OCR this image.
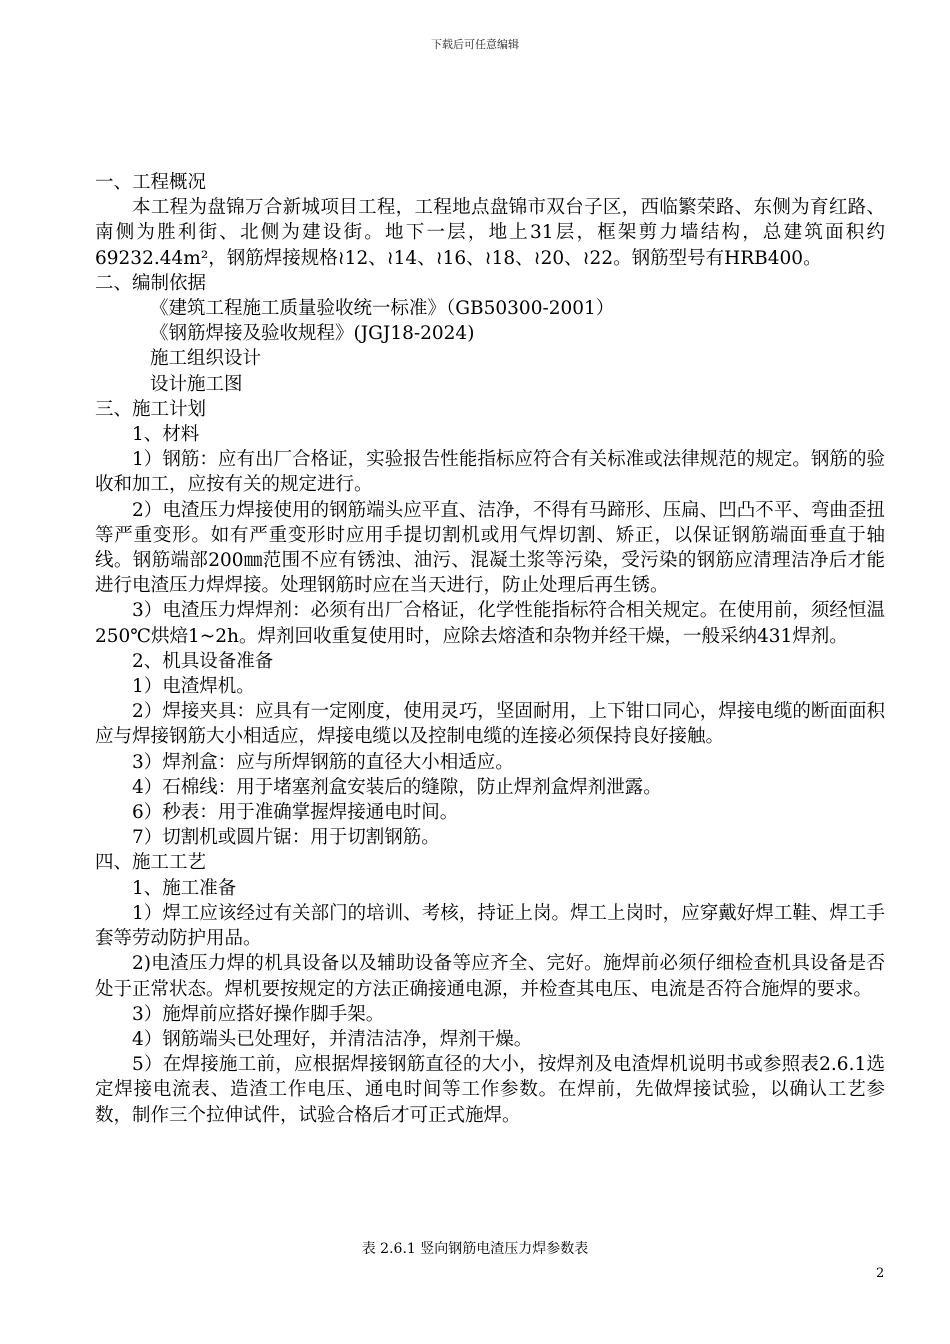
下载后可任意编辑

一、工程概况

本工程为盘锦万合新城项目工程，工程地点盘锦市双台子区，西临繁荣路、东侧为育红路、南侧为胜利街、北侧为建设街。地下一层，地上31层，框架剪力墙结构，总建筑面积约69232.44m²，钢筋焊接规格≀12、≀14、≀16、≀18、≀20、≀22。钢筋型号有HRB400。

二、编制依据

《建筑工程施工质量验收统一标准》（GB50300-2001）

《钢筋焊接及验收规程》(JGJ18-2024)

施工组织设计

设计施工图

三、施工计划

1、材料

1）钢筋：应有出厂合格证，实验报告性能指标应符合有关标准或法律规范的规定。钢筋的验收和加工，应按有关的规定进行。

2）电渣压力焊接使用的钢筋端头应平直、洁净，不得有马蹄形、压扁、凹凸不平、弯曲歪扭等严重变形。如有严重变形时应用手提切割机或用气焊切割、矫正，以保证钢筋端面垂直于轴线。钢筋端部200㎜范围不应有锈浊、油污、混凝土浆等污染，受污染的钢筋应清理洁净后才能进行电渣压力焊焊接。处理钢筋时应在当天进行，防止处理后再生锈。

3）电渣压力焊焊剂：必须有出厂合格证，化学性能指标符合相关规定。在使用前，须经恒温250℃烘焙1~2h。焊剂回收重复使用时，应除去熔渣和杂物并经干燥，一般采纳431焊剂。

2、机具设备准备

1）电渣焊机。

2）焊接夹具：应具有一定刚度，使用灵巧，坚固耐用，上下钳口同心，焊接电缆的断面面积应与焊接钢筋大小相适应，焊接电缆以及控制电缆的连接必须保持良好接触。

3）焊剂盒：应与所焊钢筋的直径大小相适应。

4）石棉线：用于堵塞剂盒安装后的缝隙，防止焊剂盒焊剂泄露。

6）秒表：用于准确掌握焊接通电时间。

7）切割机或圆片锯：用于切割钢筋。

四、施工工艺

1、施工准备

1）焊工应该经过有关部门的培训、考核，持证上岗。焊工上岗时，应穿戴好焊工鞋、焊工手套等劳动防护用品。

2)电渣压力焊的机具设备以及辅助设备等应齐全、完好。施焊前必须仔细检查机具设备是否处于正常状态。焊机要按规定的方法正确接通电源，并检查其电压、电流是否符合施焊的要求。

3）施焊前应搭好操作脚手架。

4）钢筋端头已处理好，并清洁洁净，焊剂干燥。

5）在焊接施工前，应根据焊接钢筋直径的大小，按焊剂及电渣焊机说明书或参照表2.6.1选定焊接电流表、造渣工作电压、通电时间等工作参数。在焊前，先做焊接试验，以确认工艺参数，制作三个拉伸试件，试验合格后才可正式施焊。

表 2.6.1 竖向钢筋电渣压力焊参数表
2
